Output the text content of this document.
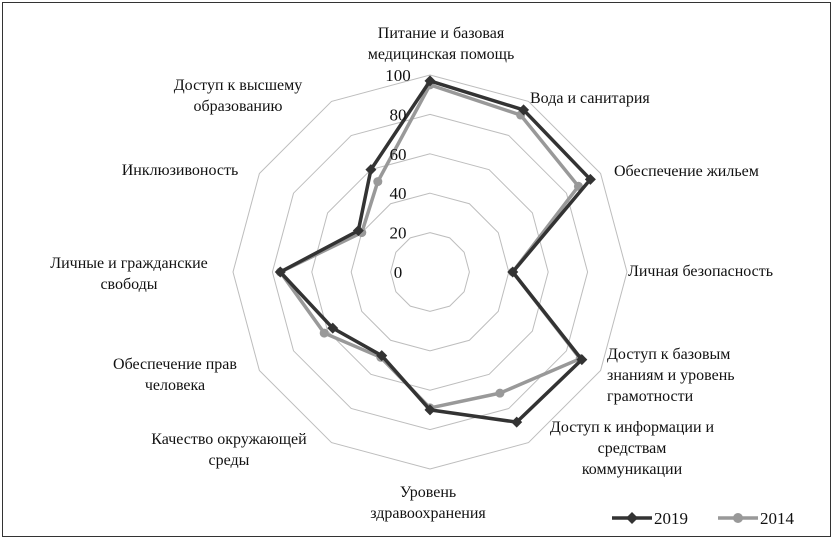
0
20
40
60
80
100
Питание и базовая медицинская помощь
Вода и санитария
Обеспечение жильем
Личная безопасность
Доступ к базовым знаниям и уровень грамотности
Доступ к информации и средствам коммуникации
Уровень здравоохранения
Качество окружающей среды
Обеспечение прав человека
Личные и гражданские свободы
Инклюзивоность
Доступ к высшему образованию
2019	2014
